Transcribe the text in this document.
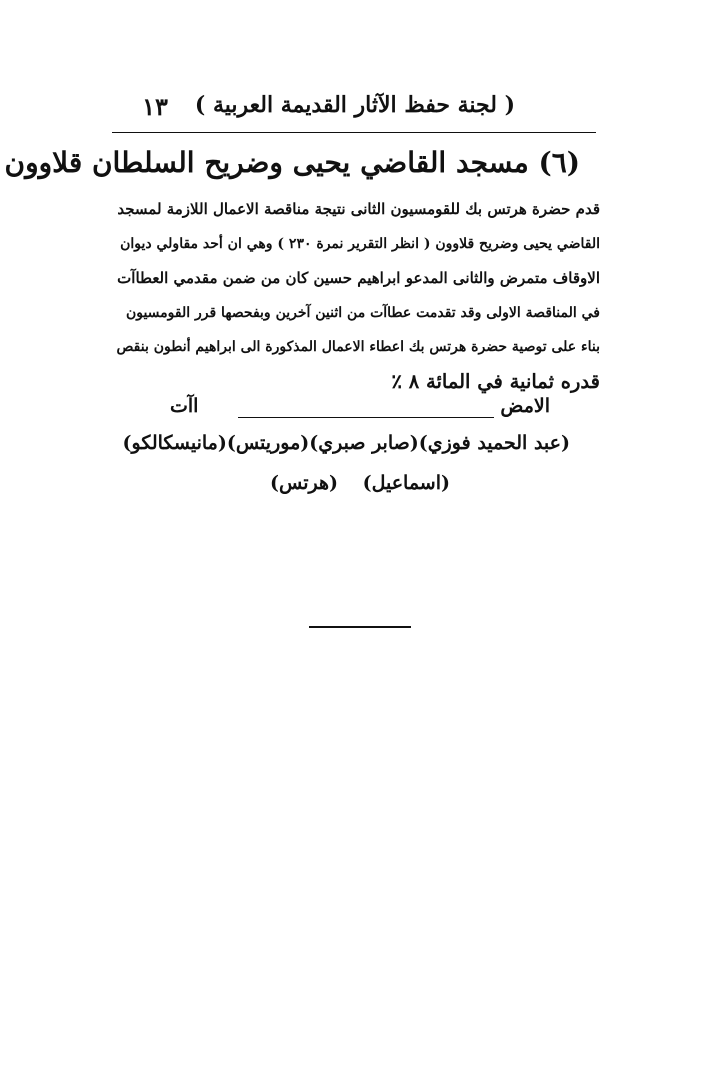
( لجنة حفظ الآثار القديمة العربية )
١٣
(٦) مسجد القاضي يحيى وضريح السلطان قلاوون
قدم حضرة هرتس بك للقومسيون الثانى نتيجة مناقصة الاعمال اللازمة لمسجد
القاضي يحيى وضريح قلاوون ( انظر التقرير نمرة ٢٣٠ ) وهي ان أحد مقاولي ديوان
الاوقاف متمرض والثانى المدعو ابراهيم حسين كان من ضمن مقدمي العطاآت
في المناقصة الاولى وقد تقدمت عطاآت من اثنين آخرين وبفحصها قرر القومسيون
بناء على توصية حضرة هرتس بك اعطاء الاعمال المذكورة الى ابراهيم أنطون بنقص
قدره ثمانية في المائة ٨ ٪
الامض
اآت
(عبد الحميد فوزي)
(صابر صبري)
(موريتس)
(مانيسكالكو)
(اسماعيل)
(هرتس)
